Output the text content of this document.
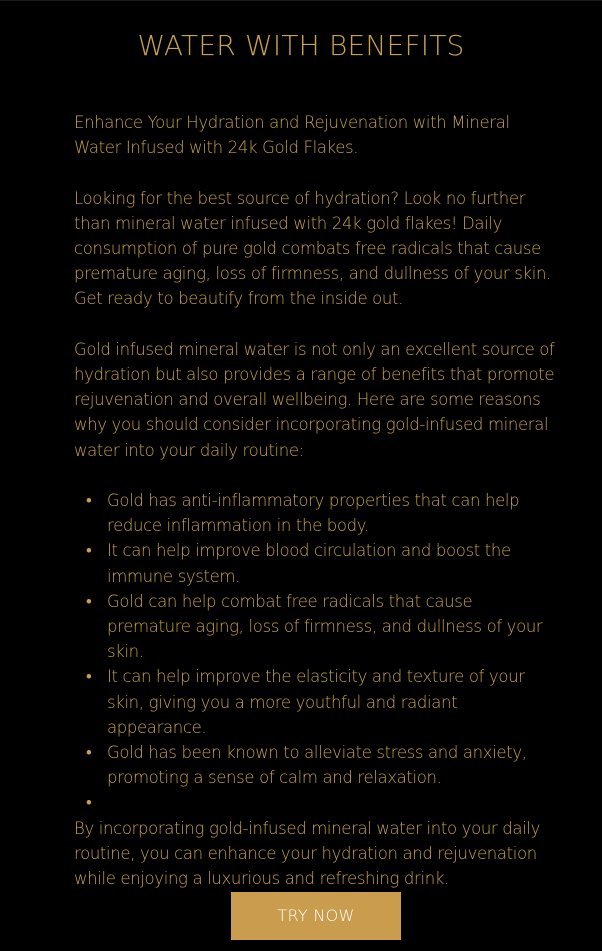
WATER WITH BENEFITS

Enhance Your Hydration and Rejuvenation with Mineral Water Infused with 24k Gold Flakes.

Looking for the best source of hydration? Look no further than mineral water infused with 24k gold flakes! Daily consumption of pure gold combats free radicals that cause premature aging, loss of firmness, and dullness of your skin. Get ready to beautify from the inside out.

Gold infused mineral water is not only an excellent source of hydration but also provides a range of benefits that promote rejuvenation and overall wellbeing. Here are some reasons why you should consider incorporating gold-infused mineral water into your daily routine:

• Gold has anti-inflammatory properties that can help reduce inflammation in the body.
• It can help improve blood circulation and boost the immune system.
• Gold can help combat free radicals that cause premature aging, loss of firmness, and dullness of your skin.
• It can help improve the elasticity and texture of your skin, giving you a more youthful and radiant appearance.
• Gold has been known to alleviate stress and anxiety, promoting a sense of calm and relaxation.
•

By incorporating gold-infused mineral water into your daily routine, you can enhance your hydration and rejuvenation while enjoying a luxurious and refreshing drink.

TRY NOW
